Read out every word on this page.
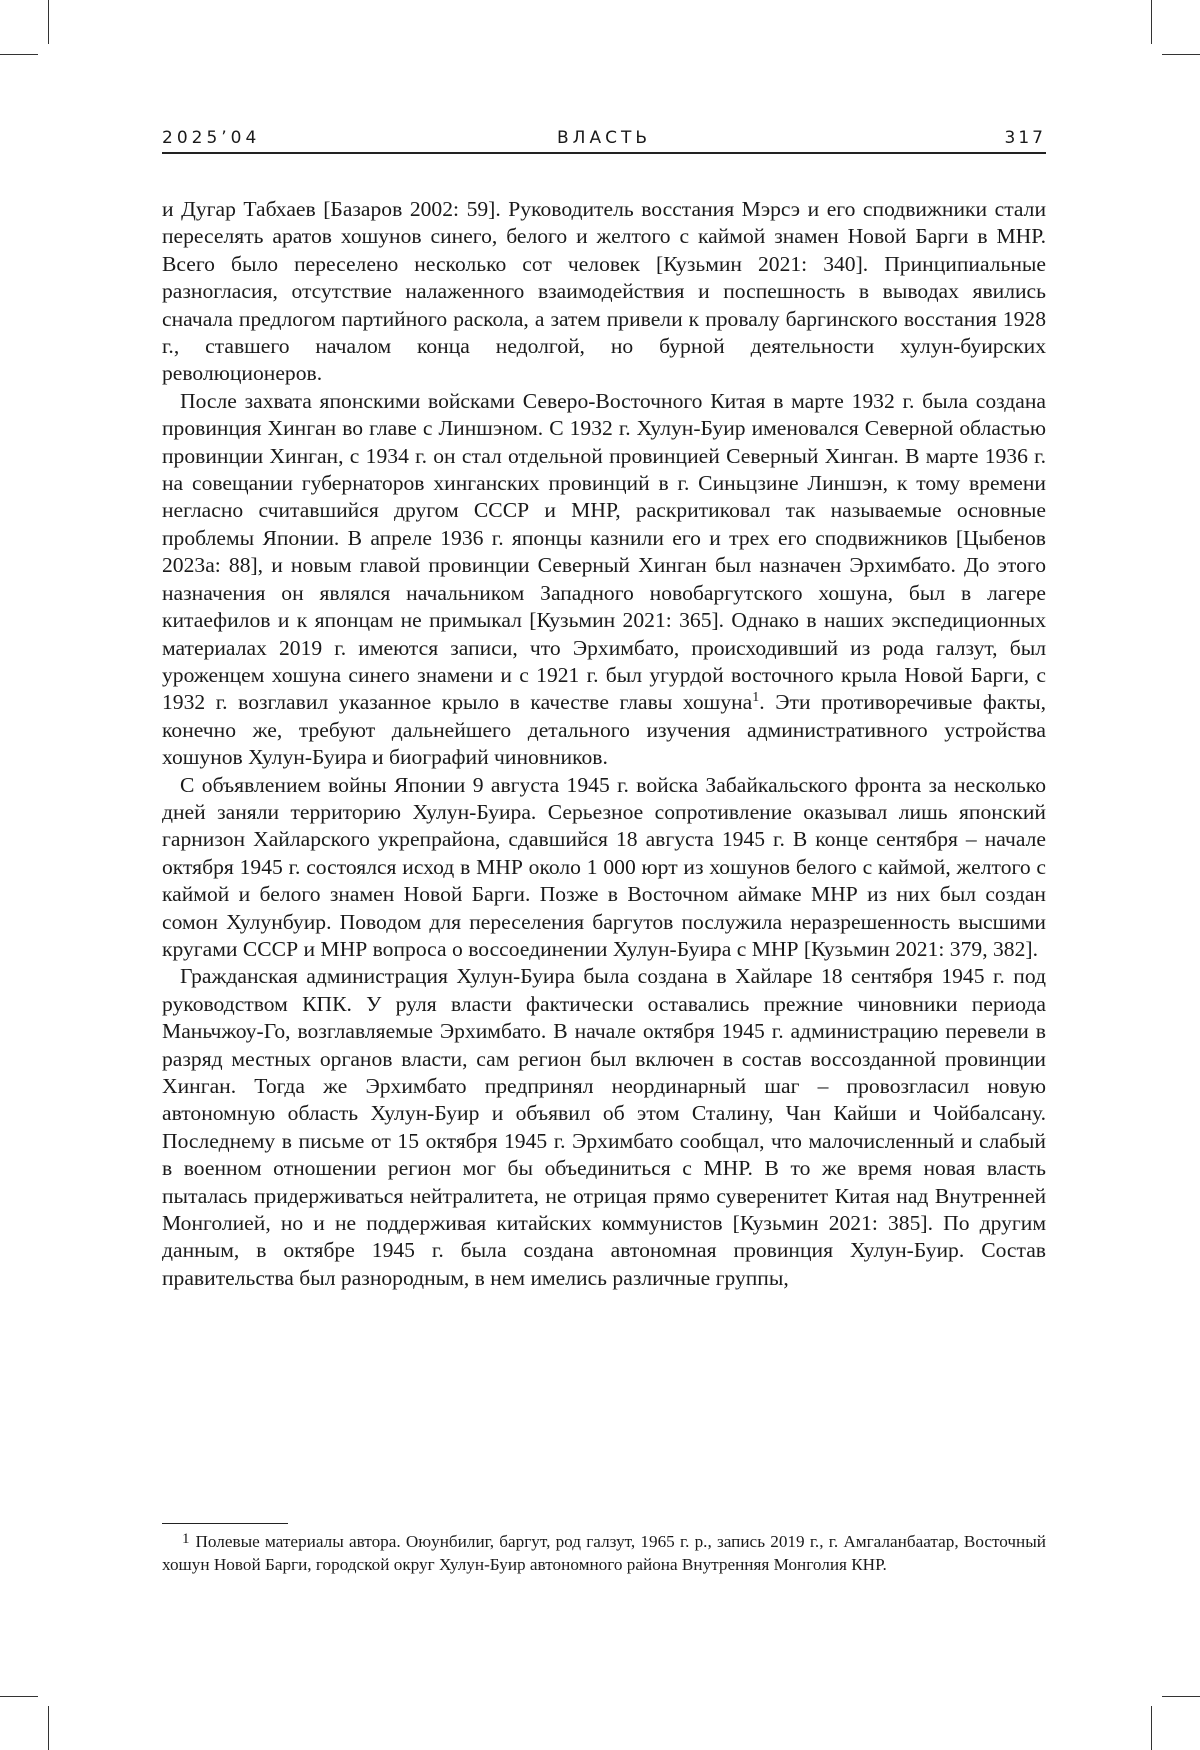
2025’04	ВЛАСТЬ	317

и Дугар Табхаев [Базаров 2002: 59]. Руководитель восстания Мэрсэ и его сподвижники стали переселять аратов хошунов синего, белого и желтого с каймой знамен Новой Барги в МНР. Всего было переселено несколько сот человек [Кузьмин 2021: 340]. Принципиальные разногласия, отсутствие налаженного взаимодействия и поспешность в выводах явились сначала предлогом партийного раскола, а затем привели к провалу баргинского восстания 1928 г., ставшего началом конца недолгой, но бурной деятельности хулун-буирских революционеров.

После захвата японскими войсками Северо-Восточного Китая в марте 1932 г. была создана провинция Хинган во главе с Линшэном. С 1932 г. Хулун-Буир именовался Северной областью провинции Хинган, с 1934 г. он стал отдельной провинцией Северный Хинган. В марте 1936 г. на совещании губернаторов хинганских провинций в г. Синьцзине Линшэн, к тому времени негласно считавшийся другом СССР и МНР, раскритиковал так называемые основные проблемы Японии. В апреле 1936 г. японцы казнили его и трех его сподвижников [Цыбенов 2023а: 88], и новым главой провинции Северный Хинган был назначен Эрхимбато. До этого назначения он являлся начальником Западного новобаргутского хошуна, был в лагере китаефилов и к японцам не примыкал [Кузьмин 2021: 365]. Однако в наших экспедиционных материалах 2019 г. имеются записи, что Эрхимбато, происходивший из рода галзут, был уроженцем хошуна синего знамени и с 1921 г. был угурдой восточного крыла Новой Барги, с 1932 г. возглавил указанное крыло в качестве главы хошуна1. Эти противоречивые факты, конечно же, требуют дальнейшего детального изучения административного устройства хошунов Хулун-Буира и биографий чиновников.

С объявлением войны Японии 9 августа 1945 г. войска Забайкальского фронта за несколько дней заняли территорию Хулун-Буира. Серьезное сопротивление оказывал лишь японский гарнизон Хайларского укрепрайона, сдавшийся 18 августа 1945 г. В конце сентября – начале октября 1945 г. состоялся исход в МНР около 1 000 юрт из хошунов белого с каймой, желтого с каймой и белого знамен Новой Барги. Позже в Восточном аймаке МНР из них был создан сомон Хулунбуир. Поводом для переселения баргутов послужила неразрешенность высшими кругами СССР и МНР вопроса о воссоединении Хулун-Буира с МНР [Кузьмин 2021: 379, 382].

Гражданская администрация Хулун-Буира была создана в Хайларе 18 сентября 1945 г. под руководством КПК. У руля власти фактически оставались прежние чиновники периода Маньчжоу-Го, возглавляемые Эрхимбато. В начале октября 1945 г. администрацию перевели в разряд местных органов власти, сам регион был включен в состав воссозданной провинции Хинган. Тогда же Эрхимбато предпринял неординарный шаг – провозгласил новую автономную область Хулун-Буир и объявил об этом Сталину, Чан Кайши и Чойбалсану. Последнему в письме от 15 октября 1945 г. Эрхимбато сообщал, что малочисленный и слабый в военном отношении регион мог бы объединиться с МНР. В то же время новая власть пыталась придерживаться нейтралитета, не отрицая прямо суверенитет Китая над Внутренней Монголией, но и не поддерживая китайских коммунистов [Кузьмин 2021: 385]. По другим данным, в октябре 1945 г. была создана автономная провинция Хулун-Буир. Состав правительства был разнородным, в нем имелись различные группы,

1 Полевые материалы автора. Оюунбилиг, баргут, род галзут, 1965 г. р., запись 2019 г., г. Амгаланбаатар, Восточный хошун Новой Барги, городской округ Хулун-Буир автономного района Внутренняя Монголия КНР.
